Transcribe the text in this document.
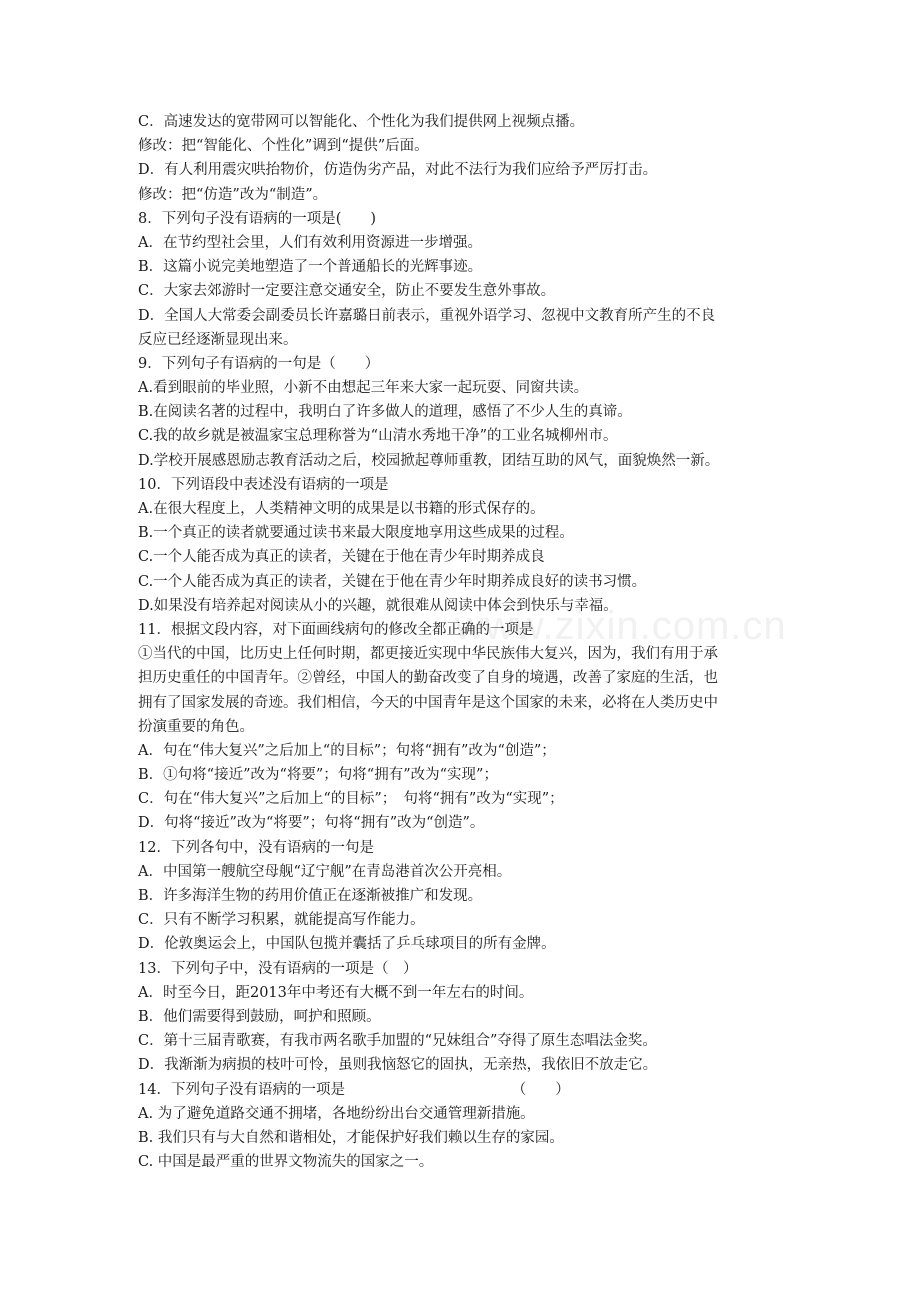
www.zixin.com.cn
C．高速发达的宽带网可以智能化、个性化为我们提供网上视频点播。
修改：把“智能化、个性化”调到“提供”后面。
D．有人利用震灾哄抬物价，仿造伪劣产品，对此不法行为我们应给予严厉打击。
修改：把“仿造”改为“制造”。
8．下列句子没有语病的一项是(　　)
A．在节约型社会里，人们有效利用资源进一步增强。
B．这篇小说完美地塑造了一个普通船长的光辉事迹。
C．大家去郊游时一定要注意交通安全，防止不要发生意外事故。
D．全国人大常委会副委员长许嘉璐日前表示，重视外语学习、忽视中文教育所产生的不良
反应已经逐渐显现出来。
9．下列句子有语病的一句是（　　）
A.看到眼前的毕业照，小新不由想起三年来大家一起玩耍、同窗共读。
B.在阅读名著的过程中，我明白了许多做人的道理，感悟了不少人生的真谛。
C.我的故乡就是被温家宝总理称誉为“山清水秀地干净”的工业名城柳州市。
D.学校开展感恩励志教育活动之后，校园掀起尊师重教，团结互助的风气，面貌焕然一新。
10．下列语段中表述没有语病的一项是
A.在很大程度上，人类精神文明的成果是以书籍的形式保存的。
B.一个真正的读者就要通过读书来最大限度地享用这些成果的过程。
C.一个人能否成为真正的读者，关键在于他在青少年时期养成良
C.一个人能否成为真正的读者，关键在于他在青少年时期养成良好的读书习惯。
D.如果没有培养起对阅读从小的兴趣，就很难从阅读中体会到快乐与幸福。
11．根据文段内容，对下面画线病句的修改全都正确的一项是
①当代的中国，比历史上任何时期，都更接近实现中华民族伟大复兴，因为，我们有用于承
担历史重任的中国青年。②曾经，中国人的勤奋改变了自身的境遇，改善了家庭的生活，也
拥有了国家发展的奇迹。我们相信，今天的中国青年是这个国家的未来，必将在人类历史中
扮演重要的角色。
A．句在“伟大复兴”之后加上“的目标”；句将“拥有”改为“创造”；
B．①句将“接近”改为“将要”；句将“拥有”改为“实现”；
C．句在“伟大复兴”之后加上“的目标”；　句将“拥有”改为“实现”；
D．句将“接近”改为“将要”；句将“拥有”改为“创造”。
12．下列各句中，没有语病的一句是
A．中国第一艘航空母舰“辽宁舰”在青岛港首次公开亮相。
B．许多海洋生物的药用价值正在逐渐被推广和发现。
C．只有不断学习积累，就能提高写作能力。
D．伦敦奥运会上，中国队包揽并囊括了乒乓球项目的所有金牌。
13．下列句子中，没有语病的一项是（　）
A．时至今日，距2013年中考还有大概不到一年左右的时间。
B．他们需要得到鼓励，呵护和照顾。
C．第十三届青歌赛，有我市两名歌手加盟的“兄妹组合”夺得了原生态唱法金奖。
D．我渐渐为病损的枝叶可怜，虽则我恼怒它的固执，无亲热，我依旧不放走它。
14．下列句子没有语病的一项是　　　　　　　　　　　　（　　）
A. 为了避免道路交通不拥堵，各地纷纷出台交通管理新措施。
B. 我们只有与大自然和谐相处，才能保护好我们赖以生存的家园。
C. 中国是最严重的世界文物流失的国家之一。
